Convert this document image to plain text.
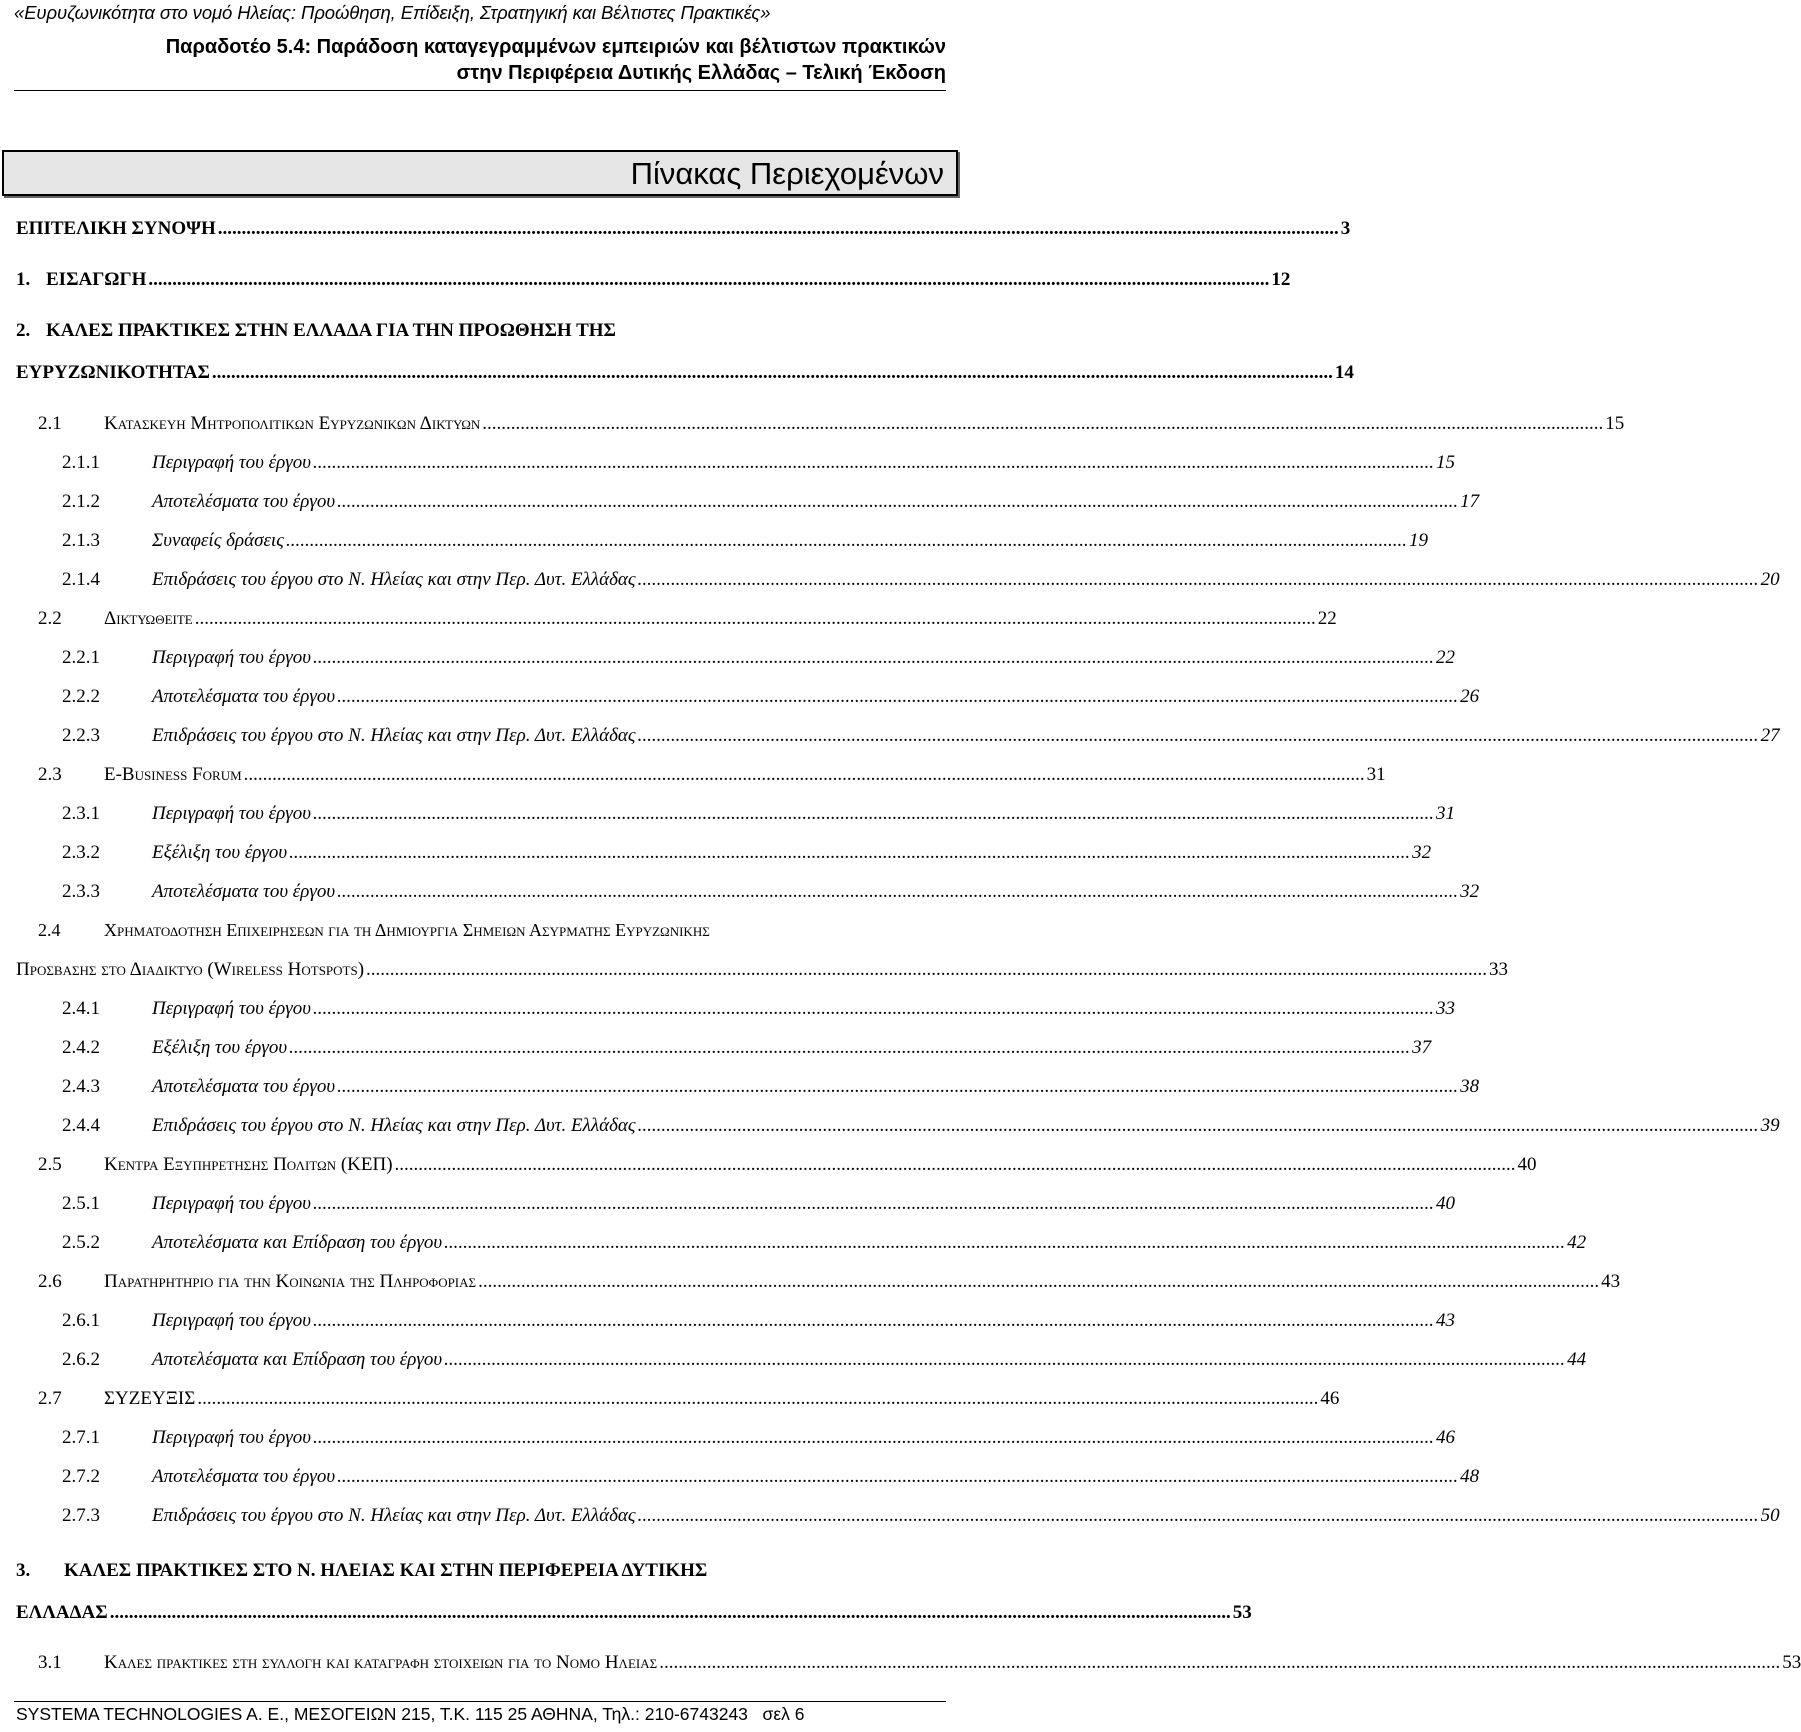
«Ευρυζωνικότητα στο νομό Ηλείας: Προώθηση, Επίδειξη, Στρατηγική και Βέλτιστες Πρακτικές»
Παραδοτέο 5.4: Παράδοση καταγεγραμμένων εμπειριών και βέλτιστων πρακτικών
στην Περιφέρεια Δυτικής Ελλάδας – Τελική Έκδοση
Πίνακας Περιεχομένων
ΕΠΙΤΕΛΙΚΗ ΣΥΝΟΨΗ .....	3
1. ΕΙΣΑΓΩΓΗ .....	12
2. ΚΑΛΕΣ ΠΡΑΚΤΙΚΕΣ ΣΤΗΝ ΕΛΛΑΔΑ ΓΙΑ ΤΗΝ ΠΡΟΩΘΗΣΗ ΤΗΣ
ΕΥΡΥΖΩΝΙΚΟΤΗΤΑΣ .....	14
2.1	Κατασκευη Μητροπολιτικων Ευρυζωνικων Δικτυων .....	15
2.1.1	Περιγραφή του έργου .....	15
2.1.2	Αποτελέσματα του έργου .....	17
2.1.3	Συναφείς δράσεις .....	19
2.1.4	Επιδράσεις του έργου στο Ν. Ηλείας και στην Περ. Δυτ. Ελλάδας .....	20
2.2	Δικτυωθειτε .....	22
2.2.1	Περιγραφή του έργου .....	22
2.2.2	Αποτελέσματα του έργου .....	26
2.2.3	Επιδράσεις του έργου στο Ν. Ηλείας και στην Περ. Δυτ. Ελλάδας .....	27
2.3	E-Business Forum .....	31
2.3.1	Περιγραφή του έργου .....	31
2.3.2	Εξέλιξη του έργου .....	32
2.3.3	Αποτελέσματα του έργου .....	32
2.4 Χρηματοδοτηση Επιχειρησεων για τη Δημιουργια Σημειων Ασυρματης Ευρυζωνικης
Προσβασης στο Διαδικτυο (Wireless Hotspots) .....	33
2.4.1	Περιγραφή του έργου .....	33
2.4.2	Εξέλιξη του έργου .....	37
2.4.3	Αποτελέσματα του έργου .....	38
2.4.4	Επιδράσεις του έργου στο Ν. Ηλείας και στην Περ. Δυτ. Ελλάδας .....	39
2.5	Κεντρα Εξυπηρετησης Πολιτων (ΚΕΠ) .....	40
2.5.1	Περιγραφή του έργου .....	40
2.5.2	Αποτελέσματα και Επίδραση του έργου .....	42
2.6	Παρατηρητηριο για την Κοινωνια της Πληροφοριας .....	43
2.6.1	Περιγραφή του έργου .....	43
2.6.2	Αποτελέσματα και Επίδραση του έργου .....	44
2.7	ΣΥΖΕΥΞΙΣ .....	46
2.7.1	Περιγραφή του έργου .....	46
2.7.2	Αποτελέσματα του έργου .....	48
2.7.3	Επιδράσεις του έργου στο Ν. Ηλείας και στην Περ. Δυτ. Ελλάδας .....	50
3. ΚΑΛΕΣ ΠΡΑΚΤΙΚΕΣ ΣΤΟ Ν. ΗΛΕΙΑΣ ΚΑΙ ΣΤΗΝ ΠΕΡΙΦΕΡΕΙΑ ΔΥΤΙΚΗΣ
ΕΛΛΑΔΑΣ .....	53
3.1	Καλες πρακτικες στη συλλογη και καταγραφη στοιχειων για το Νομο Ηλειας .....	53
SYSTEMA TECHNOLOGIES A. E., ΜΕΣΟΓΕΙΩΝ 215, Τ.Κ. 115 25 ΑΘΗΝΑ, Τηλ.: 210-6743243 σελ 6
